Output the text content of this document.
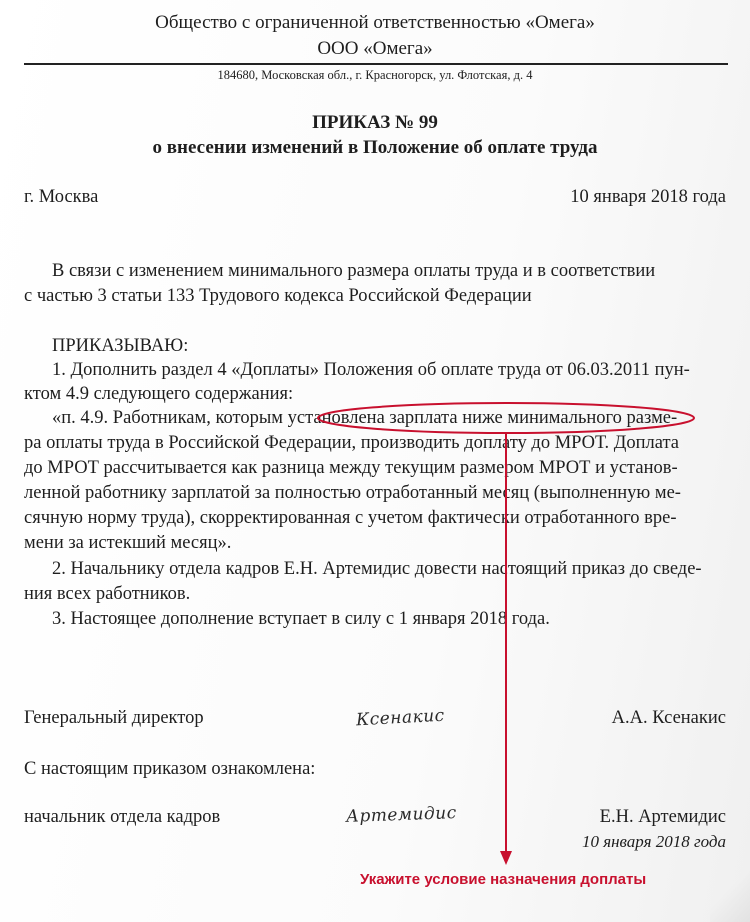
Общество с ограниченной ответственностью «Омега»
ООО «Омега»
184680, Московская обл., г. Красногорск, ул. Флотская, д. 4
ПРИКАЗ № 99
о внесении изменений в Положение об оплате труда
г. Москва	10 января 2018 года
В связи с изменением минимального размера оплаты труда и в соответствии
с частью 3 статьи 133 Трудового кодекса Российской Федерации
ПРИКАЗЫВАЮ:
1. Дополнить раздел 4 «Доплаты» Положения об оплате труда от 06.03.2011 пун-
ктом 4.9 следующего содержания:
«п. 4.9. Работникам, которым установлена зарплата ниже минимального разме-
ра оплаты труда в Российской Федерации, производить доплату до МРОТ. Доплата
до МРОТ рассчитывается как разница между текущим размером МРОТ и установ-
ленной работнику зарплатой за полностью отработанный месяц (выполненную ме-
сячную норму труда), скорректированная с учетом фактически отработанного вре-
мени за истекший месяц».
2. Начальнику отдела кадров Е.Н. Артемидис довести настоящий приказ до сведе-
ния всех работников.
3. Настоящее дополнение вступает в силу с 1 января 2018 года.
Генеральный директор	Ксенакис	А.А. Ксенакис
С настоящим приказом ознакомлена:
начальник отдела кадров	Артемидис	Е.Н. Артемидис
10 января 2018 года
Укажите условие назначения доплаты
